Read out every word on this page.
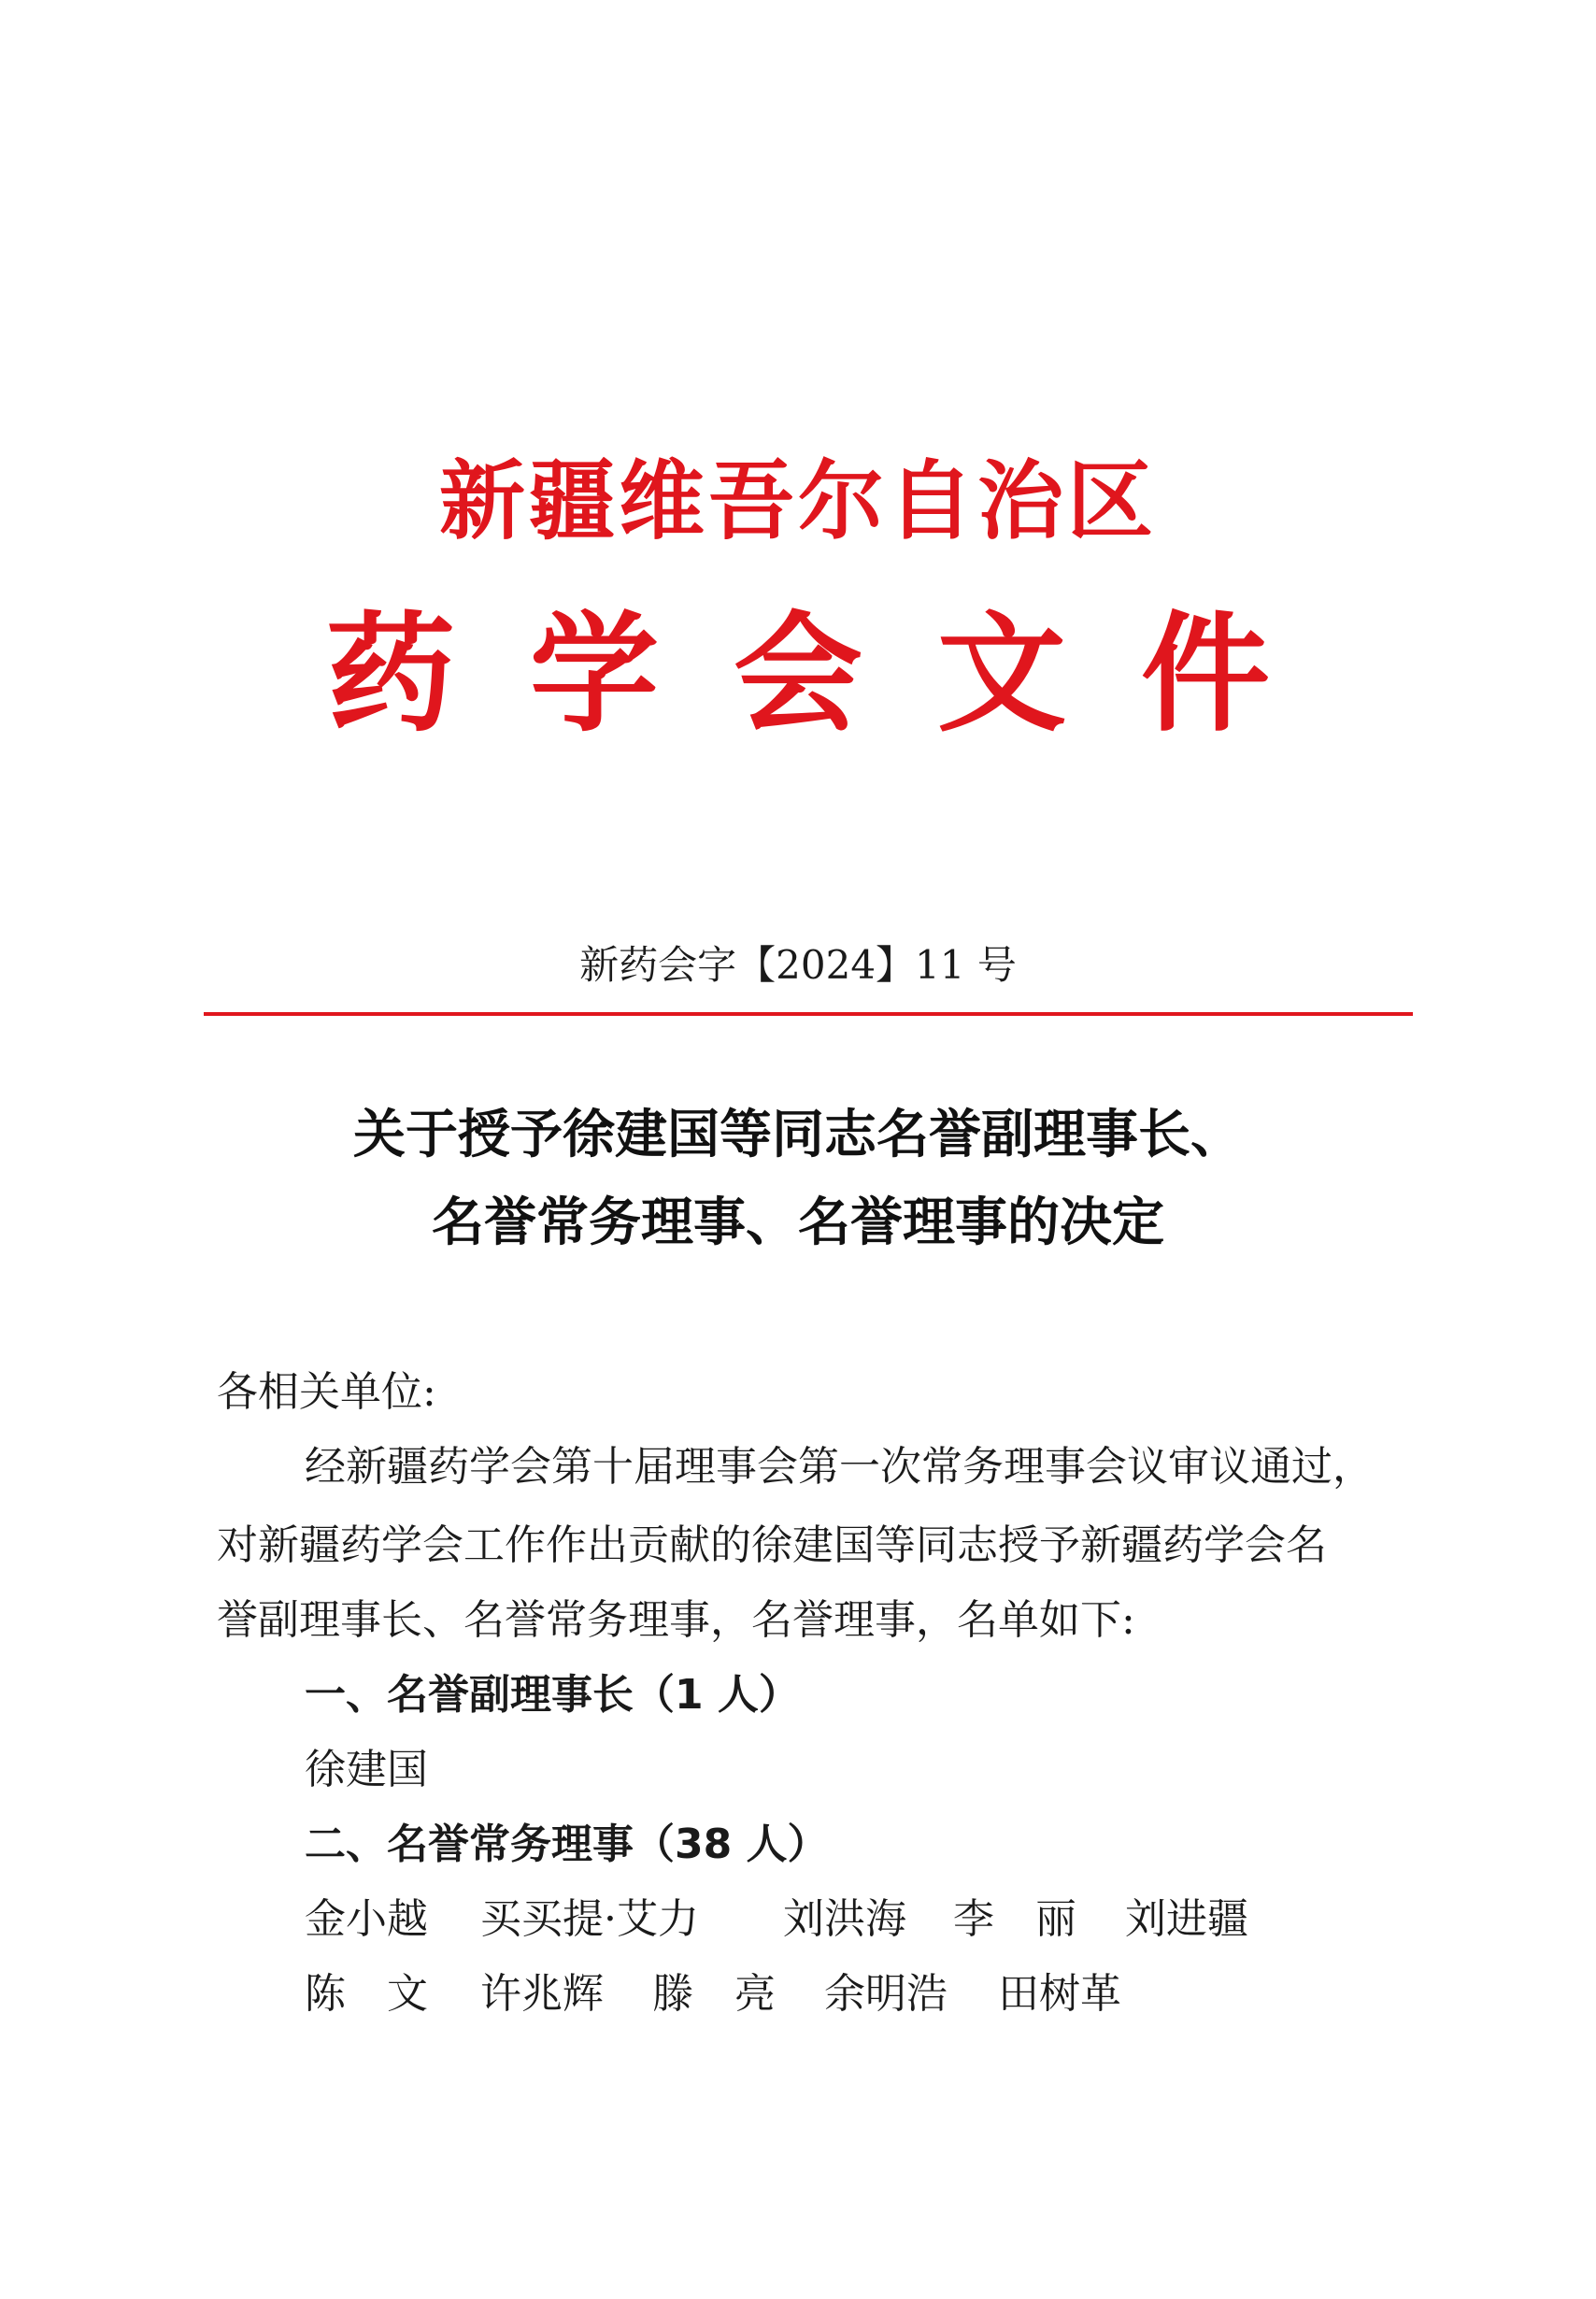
新疆维吾尔自治区
药学会文件
新药会字【2024】11 号
关于授予徐建国等同志名誉副理事长、
名誉常务理事、名誉理事的决定
各相关单位:
经新疆药学会第十届理事会第一次常务理事会议审议通过，
对新疆药学会工作作出贡献的徐建国等同志授予新疆药学会名
誉副理事长、名誉常务理事，名誉理事，名单如下:
一、名誉副理事长（1 人）
徐建国
二、名誉常务理事（38 人）
金小越 买买提·艾力 刘洪海 李　丽 刘进疆
陈　文 许兆辉 滕　亮 余明浩 田树革
